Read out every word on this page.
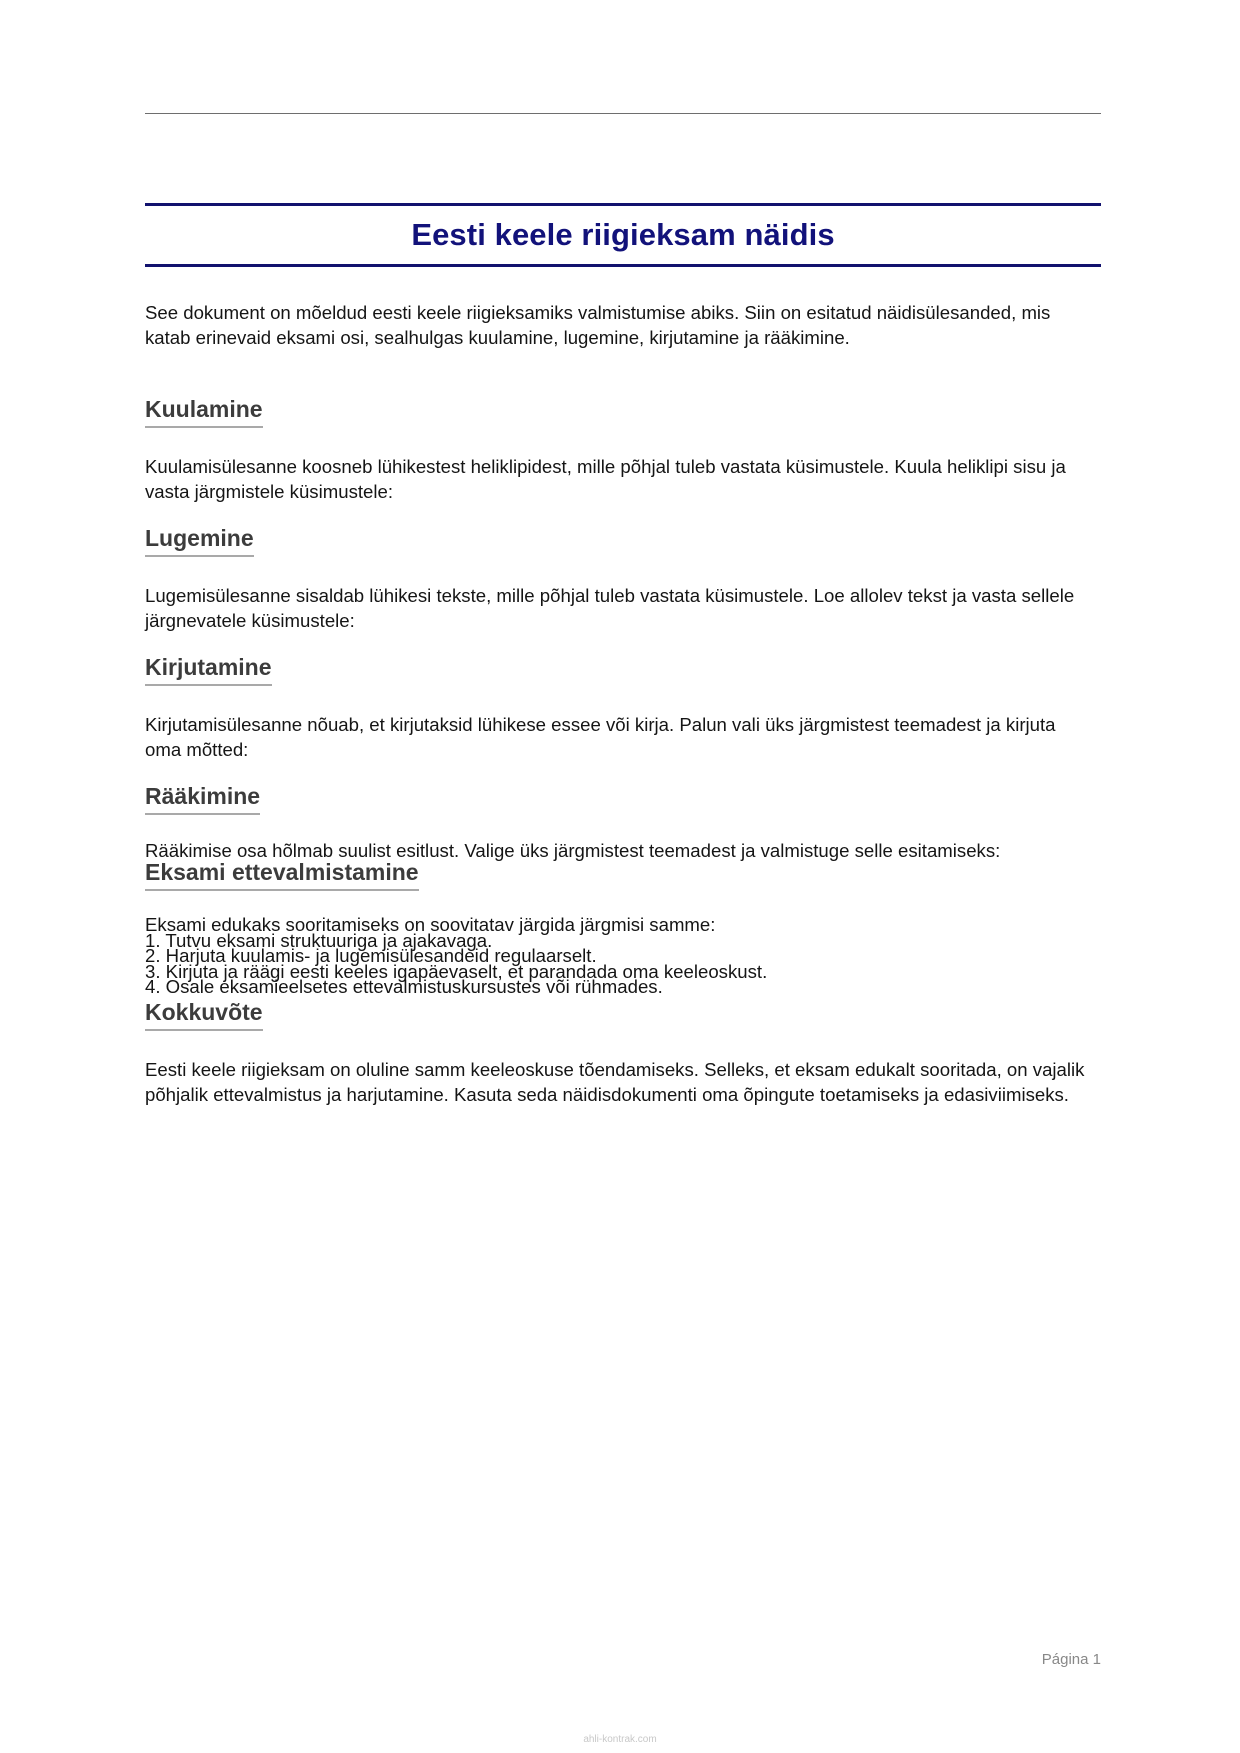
Eesti keele riigieksam näidis

See dokument on mõeldud eesti keele riigieksamiks valmistumise abiks. Siin on esitatud näidisülesanded, mis katab erinevaid eksami osi, sealhulgas kuulamine, lugemine, kirjutamine ja rääkimine.

Kuulamine

Kuulamisülesanne koosneb lühikestest heliklipidest, mille põhjal tuleb vastata küsimustele. Kuula heliklipi sisu ja vasta järgmistele küsimustele:

Lugemine

Lugemisülesanne sisaldab lühikesi tekste, mille põhjal tuleb vastata küsimustele. Loe allolev tekst ja vasta sellele järgnevatele küsimustele:

Kirjutamine

Kirjutamisülesanne nõuab, et kirjutaksid lühikese essee või kirja. Palun vali üks järgmistest teemadest ja kirjuta oma mõtted:

Rääkimine

Rääkimise osa hõlmab suulist esitlust. Valige üks järgmistest teemadest ja valmistuge selle esitamiseks:

Eksami ettevalmistamine
Eksami edukaks sooritamiseks on soovitatav järgida järgmisi samme:
1. Tutvu eksami struktuuriga ja ajakavaga.
2. Harjuta kuulamis- ja lugemisülesandeid regulaarselt.
3. Kirjuta ja räägi eesti keeles igapäevaselt, et parandada oma keeleoskust.
4. Osale eksamieelsetes ettevalmistuskursustes või rühmades.
Kokkuvõte

Eesti keele riigieksam on oluline samm keeleoskuse tõendamiseks. Selleks, et eksam edukalt sooritada, on vajalik põhjalik ettevalmistus ja harjutamine. Kasuta seda näidisdokumenti oma õpingute toetamiseks ja edasiviimiseks.

Página 1
ahli-kontrak.com
